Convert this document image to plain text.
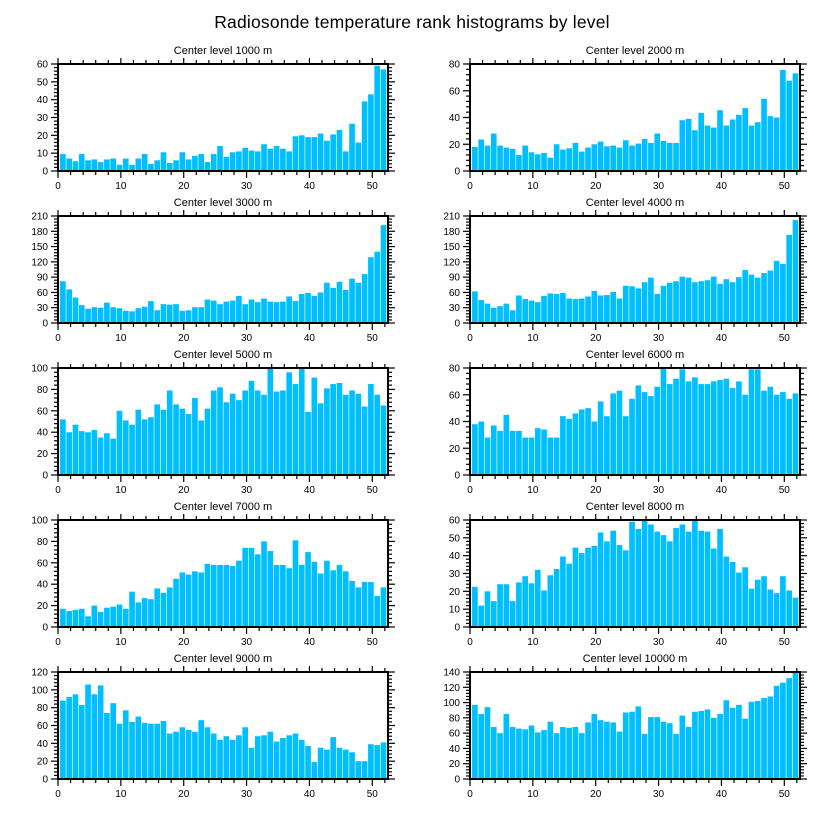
Radiosonde temperature rank histograms by level
Center level 1000 m
0
10
20
30
40
50
60
0	10	20	30	40	50
Center level 2000 m
0
20
40
60
80
0	10	20	30	40	50
Center level 3000 m
0
30
60
90
120
150
180
210
0	10	20	30	40	50
Center level 4000 m
0
30
60
90
120
150
180
210
0	10	20	30	40	50
Center level 5000 m
0
20
40
60
80
100
0	10	20	30	40	50
Center level 6000 m
0
20
40
60
80
0	10	20	30	40	50
Center level 7000 m
0
20
40
60
80
100
0	10	20	30	40	50
Center level 8000 m
0
10
20
30
40
50
60
0	10	20	30	40	50
Center level 9000 m
0
20
40
60
80
100
120
0	10	20	30	40	50
Center level 10000 m
0
20
40
60
80
100
120
140
0	10	20	30	40	50
